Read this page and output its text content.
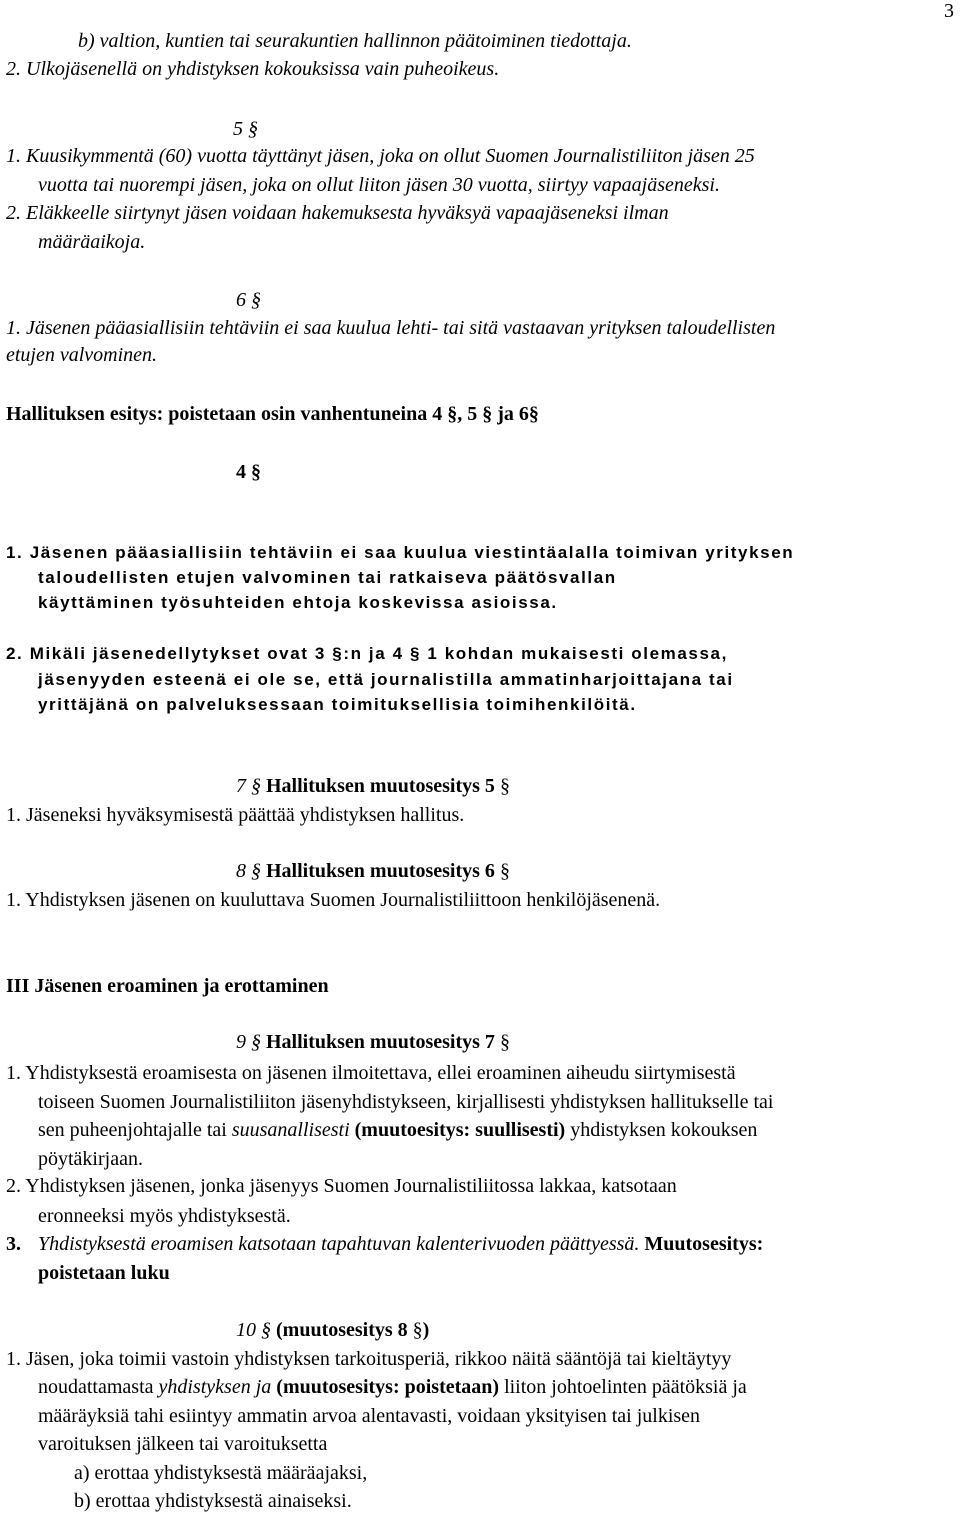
3
b) valtion, kuntien tai seurakuntien hallinnon päätoiminen tiedottaja.
2. Ulkojäsenellä on yhdistyksen kokouksissa vain puheoikeus.
5 §
1. Kuusikymmentä (60) vuotta täyttänyt jäsen, joka on ollut Suomen Journalistiliiton jäsen 25
vuotta tai nuorempi jäsen, joka on ollut liiton jäsen 30 vuotta, siirtyy vapaajäseneksi.
2. Eläkkeelle siirtynyt jäsen voidaan hakemuksesta hyväksyä vapaajäseneksi ilman
määräaikoja.
6 §
1. Jäsenen pääasiallisiin tehtäviin ei saa kuulua lehti- tai sitä vastaavan yrityksen taloudellisten
etujen valvominen.
Hallituksen esitys: poistetaan osin vanhentuneina 4 §, 5 § ja 6§
4 §
1. Jäsenen pääasiallisiin tehtäviin ei saa kuulua viestintäalalla toimivan yrityksen
taloudellisten etujen valvominen tai ratkaiseva päätösvallan
käyttäminen työsuhteiden ehtoja koskevissa asioissa.
2. Mikäli jäsenedellytykset ovat 3 §:n ja 4 § 1 kohdan mukaisesti olemassa,
jäsenyyden esteenä ei ole se, että journalistilla ammatinharjoittajana tai
yrittäjänä on palveluksessaan toimituksellisia toimihenkilöitä.
7 § Hallituksen muutosesitys 5 §
1. Jäseneksi hyväksymisestä päättää yhdistyksen hallitus.
8 § Hallituksen muutosesitys 6 §
1. Yhdistyksen jäsenen on kuuluttava Suomen Journalistiliittoon henkilöjäsenenä.
III Jäsenen eroaminen ja erottaminen
9 § Hallituksen muutosesitys 7 §
1. Yhdistyksestä eroamisesta on jäsenen ilmoitettava, ellei eroaminen aiheudu siirtymisestä
toiseen Suomen Journalistiliiton jäsenyhdistykseen, kirjallisesti yhdistyksen hallitukselle tai
sen puheenjohtajalle tai suusanallisesti (muutoesitys: suullisesti) yhdistyksen kokouksen
pöytäkirjaan.
2. Yhdistyksen jäsenen, jonka jäsenyys Suomen Journalistiliitossa lakkaa, katsotaan
eronneeksi myös yhdistyksestä.
3. Yhdistyksestä eroamisen katsotaan tapahtuvan kalenterivuoden päättyessä. Muutosesitys:
poistetaan luku
10 § (muutosesitys 8 §)
1. Jäsen, joka toimii vastoin yhdistyksen tarkoitusperiä, rikkoo näitä sääntöjä tai kieltäytyy
noudattamasta yhdistyksen ja (muutosesitys: poistetaan) liiton johtoelinten päätöksiä ja
määräyksiä tahi esiintyy ammatin arvoa alentavasti, voidaan yksityisen tai julkisen
varoituksen jälkeen tai varoituksetta
a) erottaa yhdistyksestä määräajaksi,
b) erottaa yhdistyksestä ainaiseksi.
